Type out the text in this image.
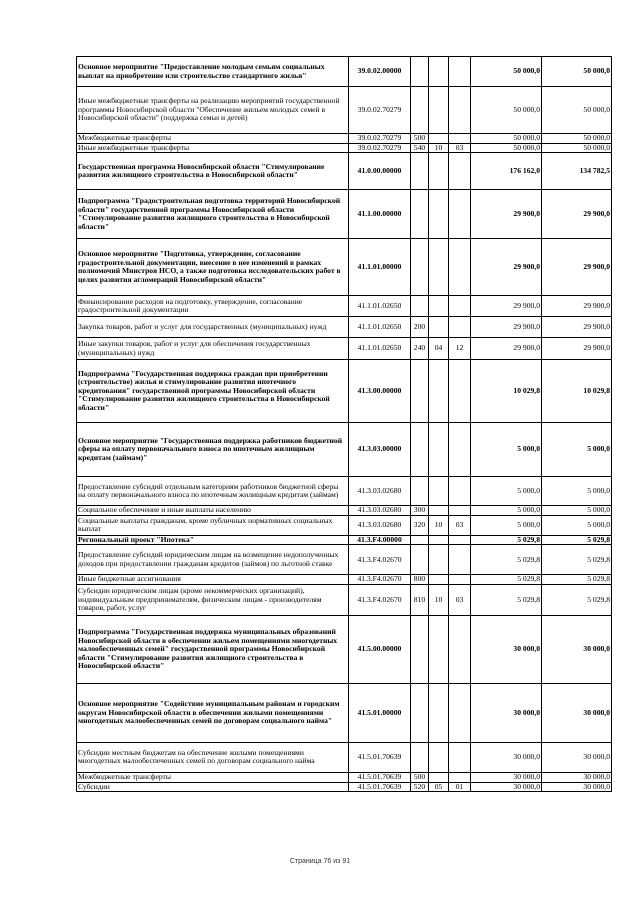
Основное мероприятие "Предоставление молодым семьям социальных выплат на приобретение или строительство стандартного жилья"	39.0.02.00000				50 000,0	50 000,0
Иные межбюджетные трансферты на реализацию мероприятий государственной программы Новосибирской области "Обеспечение жильем молодых семей в Новосибирской области" (поддержка семьи и детей)	39.0.02.70279				50 000,0	50 000,0
Межбюджетные трансферты	39.0.02.70279	500			50 000,0	50 000,0
Иные межбюджетные трансферты	39.0.02.70279	540	10	03	50 000,0	50 000,0
Государственная программа Новосибирской области "Стимулирование развития жилищного строительства в Новосибирской области"	41.0.00.00000				176 162,0	134 782,5
Подпрограмма "Градостроительная подготовка территорий Новосибирской области" государственной программы Новосибирской области "Стимулирование развития жилищного строительства в Новосибирской области"	41.1.00.00000				29 900,0	29 900,0
Основное мероприятие "Подготовка, утверждение, согласование градостроительной документации, внесение в нее изменений в рамках полномочий Минстроя НСО, а также подготовка исследовательских работ в целях развития агломераций Новосибирской области"	41.1.01.00000				29 900,0	29 900,0
Финансирование расходов на подготовку, утверждение, согласование градостроительной документации	41.1.01.02650				29 900,0	29 900,0
Закупка товаров, работ и услуг для государственных (муниципальных) нужд	41.1.01.02650	200			29 900,0	29 900,0
Иные закупки товаров, работ и услуг для обеспечения государственных (муниципальных) нужд	41.1.01.02650	240	04	12	29 900,0	29 900,0
Подпрограмма "Государственная поддержка граждан при приобретении (строительстве) жилья и стимулирование развития ипотечного кредитования" государственной программы Новосибирской области "Стимулирование развития жилищного строительства в Новосибирской области"	41.3.00.00000				10 029,8	10 029,8
Основное мероприятие "Государственная поддержка работников бюджетной сферы на оплату первоначального взноса по ипотечным жилищным кредитам (займам)"	41.3.03.00000				5 000,0	5 000,0
Предоставление субсидий отдельным категориям работников бюджетной сферы на оплату первоначального взноса по ипотечным жилищным кредитам (займам)	41.3.03.02680				5 000,0	5 000,0
Социальное обеспечение и иные выплаты населению	41.3.03.02680	300			5 000,0	5 000,0
Социальные выплаты гражданам, кроме публичных нормативных социальных выплат	41.3.03.02680	320	10	03	5 000,0	5 000,0
Региональный проект "Ипотека"	41.3.F4.00000				5 029,8	5 029,8
Предоставление субсидий юридическим лицам на возмещение недополученных доходов при предоставлении гражданам кредитов (займов) по льготной ставке	41.3.F4.02670				5 029,8	5 029,8
Иные бюджетные ассигнования	41.3.F4.02670	800			5 029,8	5 029,8
Субсидии юридическим лицам (кроме некоммерческих организаций), индивидуальным предпринимателям, физическим лицам - производителям товаров, работ, услуг	41.3.F4.02670	810	10	03	5 029,8	5 029,8
Подпрограмма "Государственная поддержка муниципальных образований Новосибирской области в обеспечении жильем помещениями многодетных малообеспеченных семей" государственной программы Новосибирской области "Стимулирование развития жилищного строительства в Новосибирской области"	41.5.00.00000				30 000,0	30 000,0
Основное мероприятие "Содействие муниципальным районам и городским округам Новосибирской области в обеспечении жилыми помещениями многодетных малообеспеченных семей по договорам социального найма"	41.5.01.00000				30 000,0	30 000,0
Субсидии местным бюджетам на обеспечение жилыми помещениями многодетных малообеспеченных семей по договорам социального найма	41.5.01.70639				30 000,0	30 000,0
Межбюджетные трансферты	41.5.01.70639	500			30 000,0	30 000,0
Субсидии	41.5.01.70639	520	05	01	30 000,0	30 000,0
Страница 76 из 91
